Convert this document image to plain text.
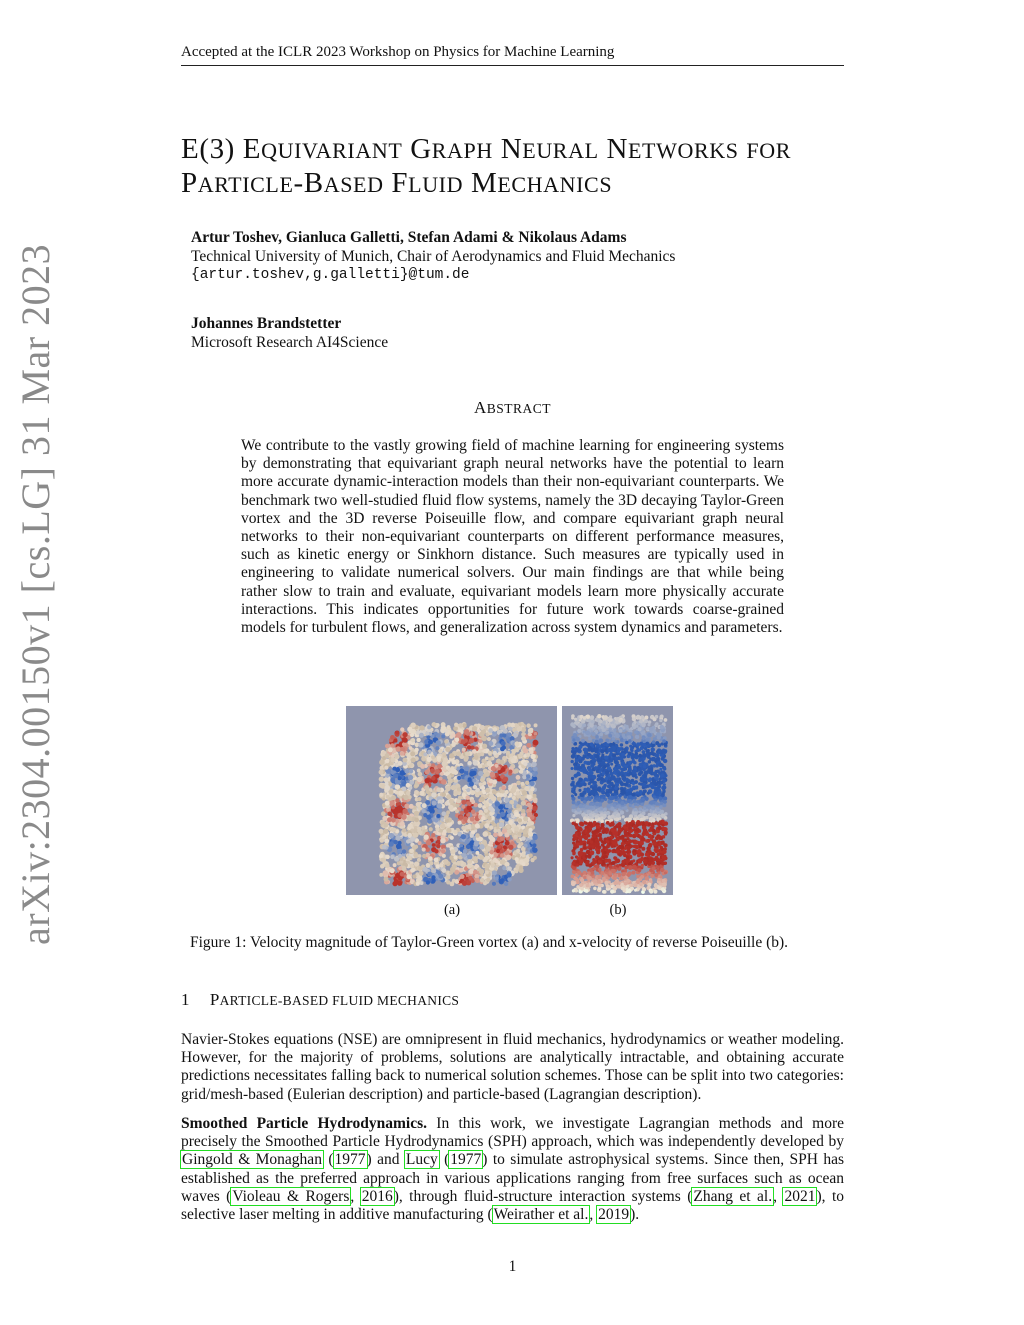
Accepted at the ICLR 2023 Workshop on Physics for Machine Learning
arXiv:2304.00150v1 [cs.LG] 31 Mar 2023
E(3) EQUIVARIANT GRAPH NEURAL NETWORKS FOR
PARTICLE-BASED FLUID MECHANICS
Artur Toshev, Gianluca Galletti, Stefan Adami & Nikolaus Adams
Technical University of Munich, Chair of Aerodynamics and Fluid Mechanics
{artur.toshev,g.galletti}@tum.de
Johannes Brandstetter
Microsoft Research AI4Science
ABSTRACT
We contribute to the vastly growing field of machine learning for engineering systems by demonstrating that equivariant graph neural networks have the potential to learn more accurate dynamic-interaction models than their non-equivariant counterparts. We benchmark two well-studied fluid flow systems, namely the 3D decaying Taylor-Green vortex and the 3D reverse Poiseuille flow, and compare equivariant graph neural networks to their non-equivariant counterparts on different performance measures, such as kinetic energy or Sinkhorn distance. Such measures are typically used in engineering to validate numerical solvers. Our main findings are that while being rather slow to train and evaluate, equivariant models learn more physically accurate interactions. This indicates opportunities for future work towards coarse-grained models for turbulent flows, and generalization across system dynamics and parameters.
(a)	(b)
Figure 1: Velocity magnitude of Taylor-Green vortex (a) and x-velocity of reverse Poiseuille (b).
1 PARTICLE-BASED FLUID MECHANICS
Navier-Stokes equations (NSE) are omnipresent in fluid mechanics, hydrodynamics or weather modeling. However, for the majority of problems, solutions are analytically intractable, and obtaining accurate predictions necessitates falling back to numerical solution schemes. Those can be split into two categories: grid/mesh-based (Eulerian description) and particle-based (Lagrangian description).
Smoothed Particle Hydrodynamics. In this work, we investigate Lagrangian methods and more precisely the Smoothed Particle Hydrodynamics (SPH) approach, which was independently developed by Gingold & Monaghan (1977) and Lucy (1977) to simulate astrophysical systems. Since then, SPH has established as the preferred approach in various applications ranging from free surfaces such as ocean waves (Violeau & Rogers, 2016), through fluid-structure interaction systems (Zhang et al., 2021), to selective laser melting in additive manufacturing (Weirather et al., 2019).
1
